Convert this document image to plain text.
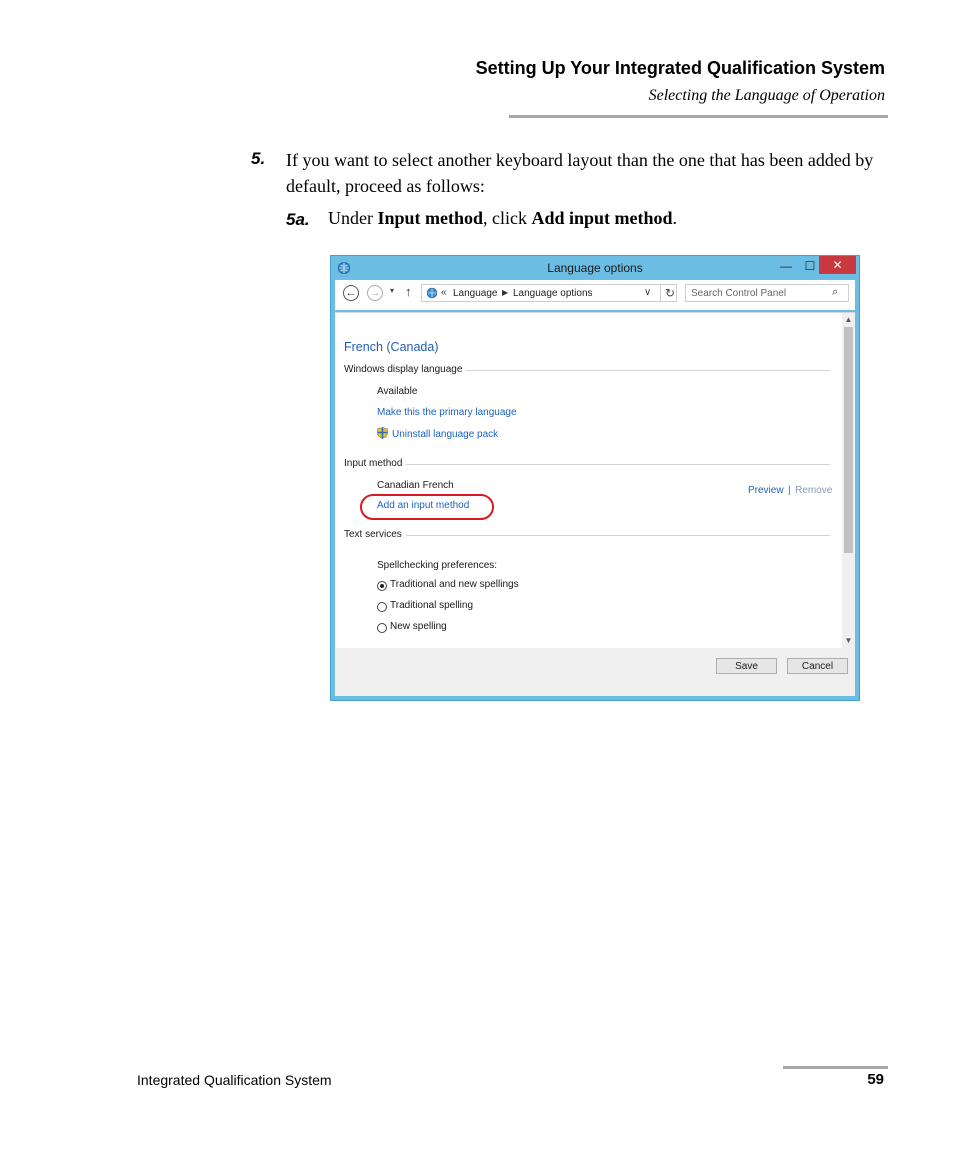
Setting Up Your Integrated Qualification System
Selecting the Language of Operation
5. If you want to select another keyboard layout than the one that has been added by default, proceed as follows:
5a. Under Input method, click Add input method.
Language options	—	☐	✕
← →	▾ ↑	« Language ▶ Language options	∨	↻
Search Control Panel	⌕
French (Canada)
Windows display language
Available
Make this the primary language
Uninstall language pack
Input method
Canadian French	Preview | Remove
Add an input method
Text services
Spellchecking preferences:
Traditional and new spellings
Traditional spelling
New spelling
▲
▼
Save	Cancel
Integrated Qualification System	59
